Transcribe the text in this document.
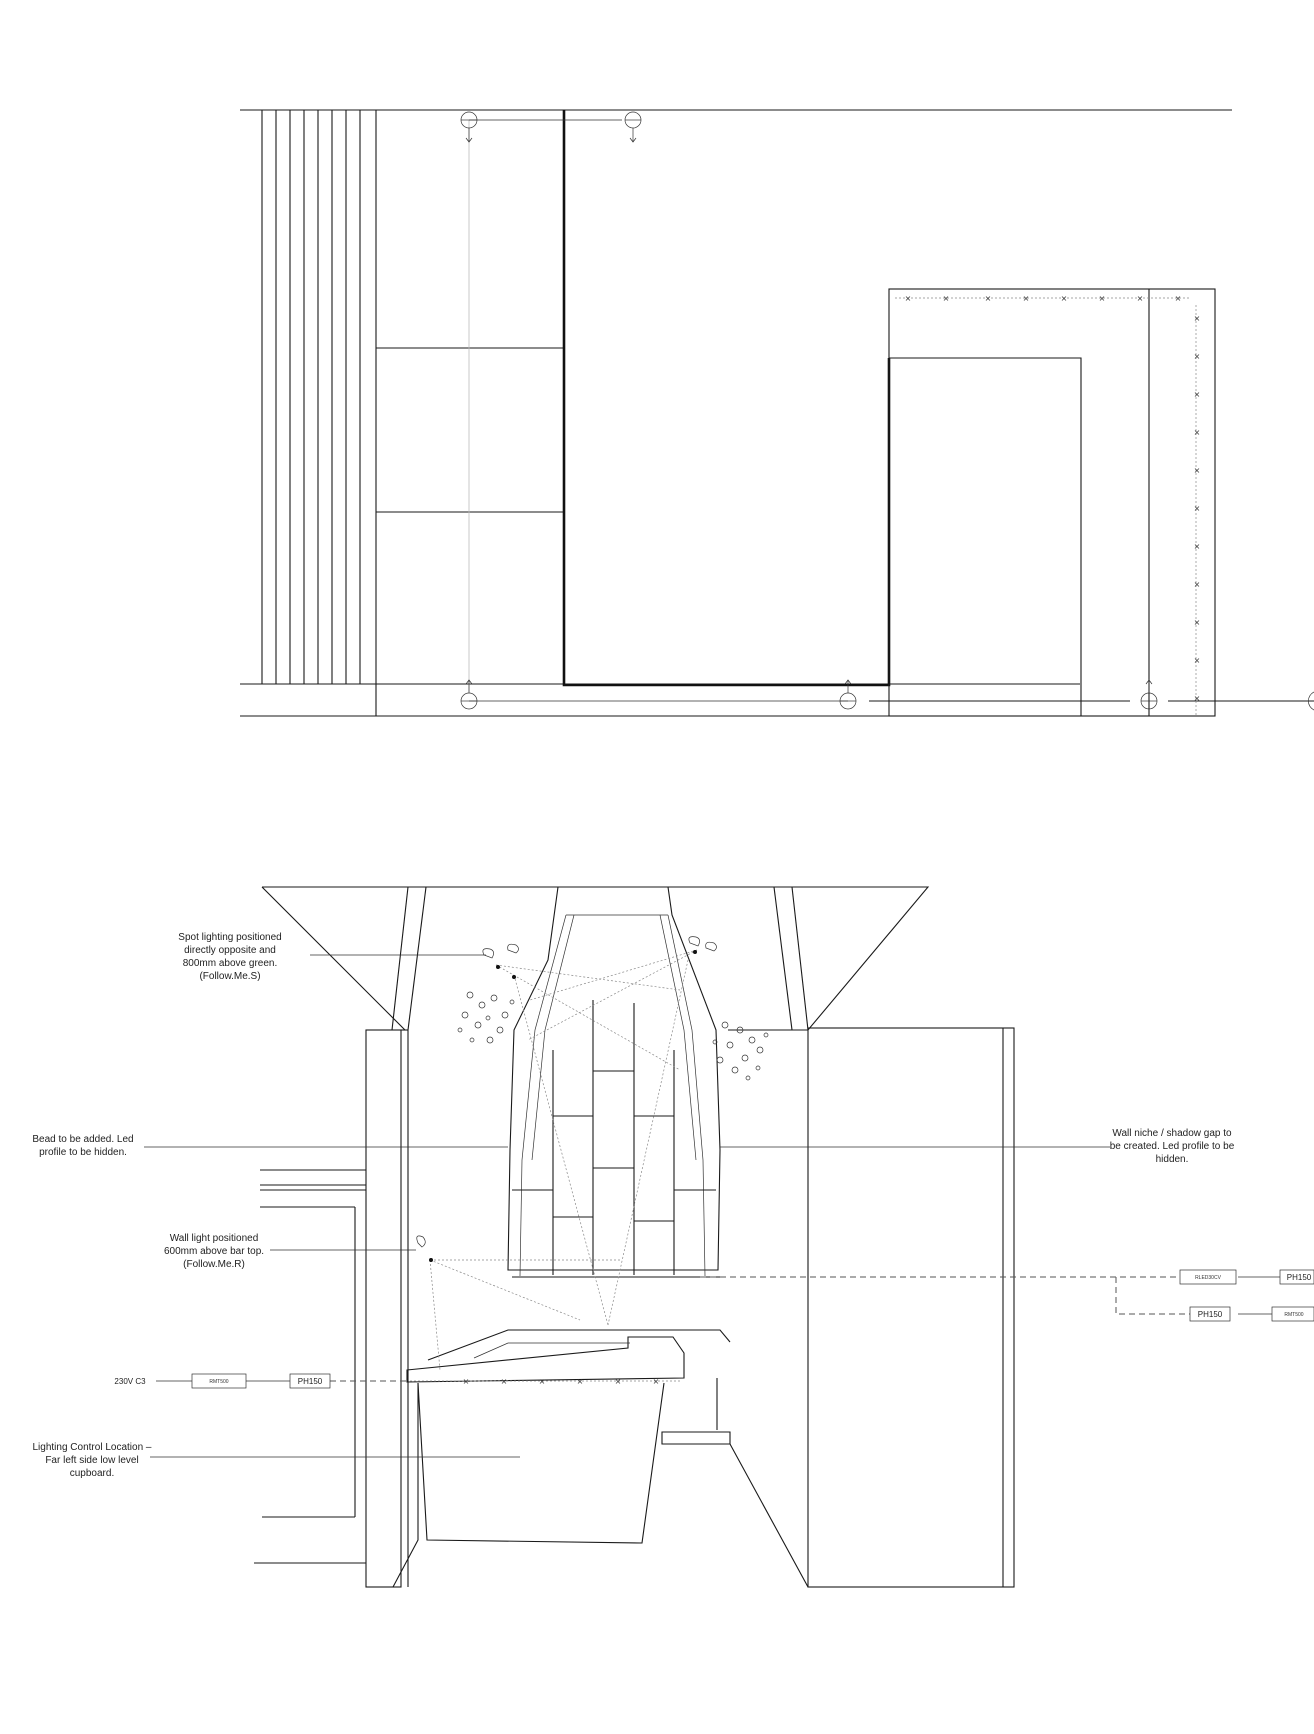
×	×	×	×	×	×	×	×
×
×
×
×
×
×
×
×
×
×
×
×	×	×	×	×	×
Spot lighting positioned
directly opposite and
800mm above green.
(Follow.Me.S)
Bead to be added. Led
profile to be hidden.
Wall niche / shadow gap to
be created. Led profile to be
hidden.
Wall light positioned
600mm above bar top.
(Follow.Me.R)
Lighting Control Location –
Far left side low level
cupboard.
230V C3	RMT500	PH150
RLED30CV	PH150
PH150	RMT500
